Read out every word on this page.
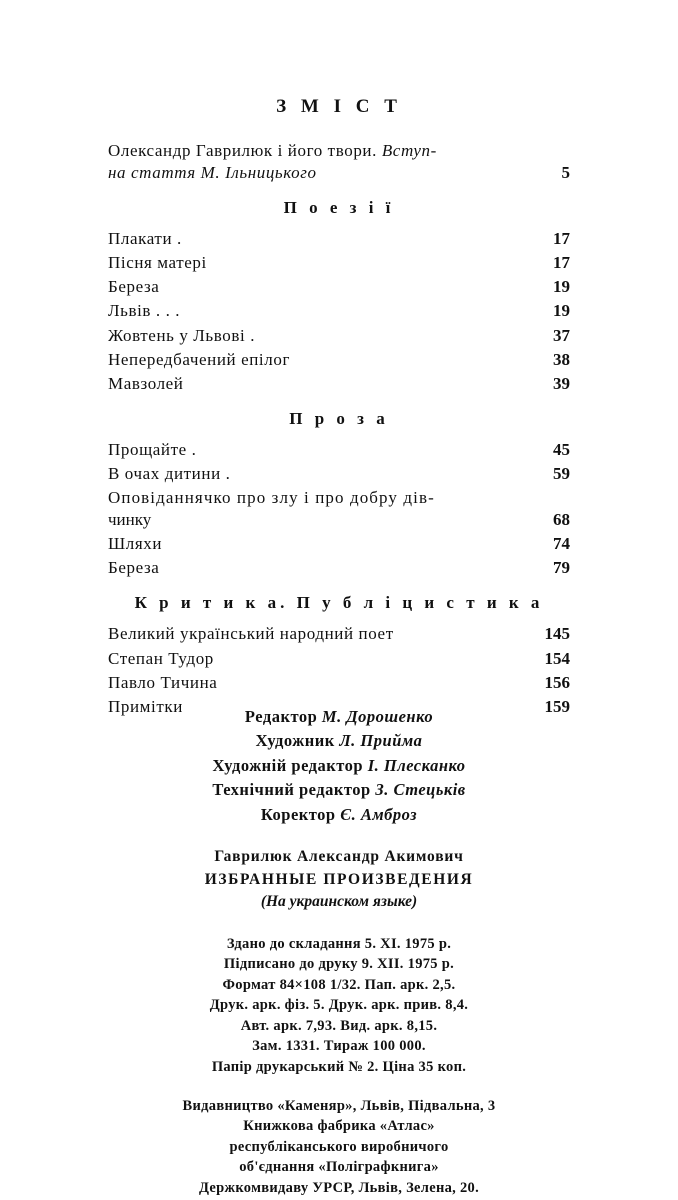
З М І С Т
Олександр Гаврилюк і його твори. Вступ-
на стаття М. Ільницького	5
П о е з і ї
Плакати .	17
Пісня матері	17
Береза	19
Львів . . .	19
Жовтень у Львові .	37
Непередбачений епілог	38
Мавзолей	39
П р о з а
Прощайте .	45
В очах дитини .	59
Оповіданнячко про злу і про добру дів-
чинку	68
Шляхи	74
Береза	79
К р и т и к а. П у б л і ц и с т и к а
Великий український народний поет	145
Степан Тудор	154
Павло Тичина	156
Примітки	159
Редактор М. Дорошенко
Художник Л. Прийма
Художній редактор І. Плесканко
Технічний редактор З. Стецьків
Коректор Є. Амброз
Гаврилюк Александр Акимович
ИЗБРАННЫЕ ПРОИЗВЕДЕНИЯ
(На украинском языке)
Здано до складання 5. XI. 1975 р.
Підписано до друку 9. XII. 1975 р.
Формат 84×108 1/32. Пап. арк. 2,5.
Друк. арк. фіз. 5. Друк. арк. прив. 8,4.
Авт. арк. 7,93. Вид. арк. 8,15.
Зам. 1331. Тираж 100 000.
Папір друкарський № 2. Ціна 35 коп.
Видавництво «Каменяр», Львів, Підвальна, 3
Книжкова фабрика «Атлас»
республіканського виробничого
об'єднання «Поліграфкнига»
Держкомвидаву УРСР, Львів, Зелена, 20.
